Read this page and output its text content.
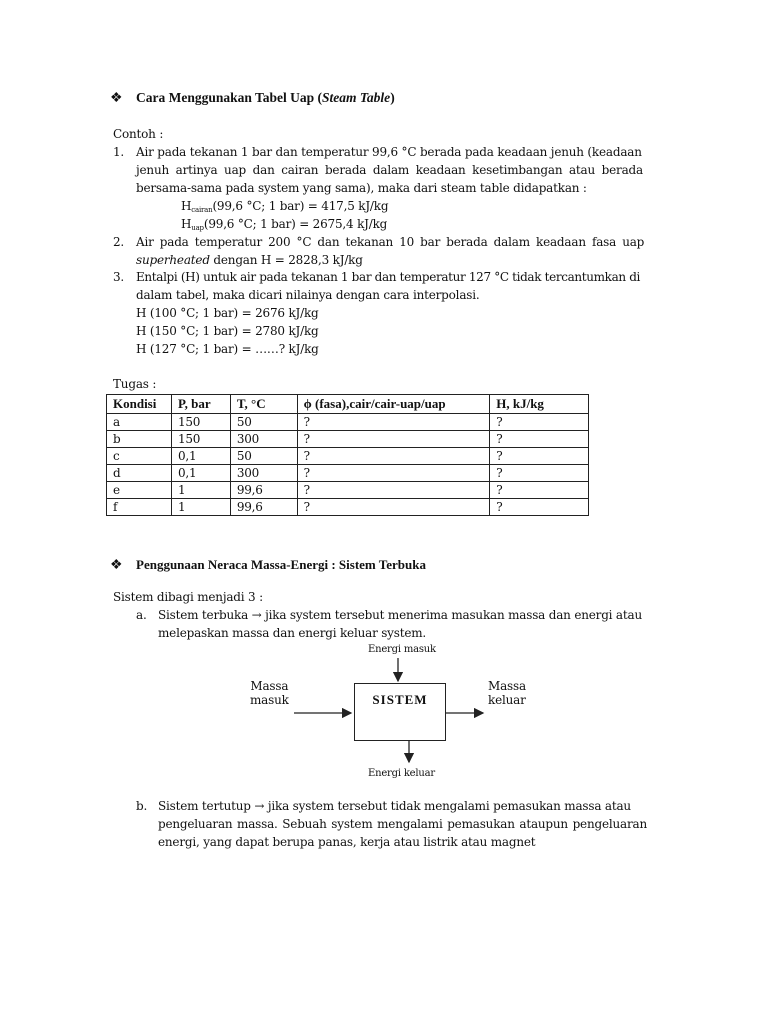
❖ Cara Menggunakan Tabel Uap (Steam Table)
Contoh :
1. Air pada tekanan 1 bar dan temperatur 99,6 °C berada pada keadaan jenuh (keadaan
jenuh artinya uap dan cairan berada dalam keadaan kesetimbangan atau berada
bersama-sama pada system yang sama), maka dari steam table didapatkan :
$H_{cairan}(99,6$ °C; 1 bar) = 417,5 kJ/kg
$H_{uap}(99,6$ °C; 1 bar) = 2675,4 kJ/kg
2. Air pada temperatur 200 °C dan tekanan 10 bar berada dalam keadaan fasa uap
superheated dengan H = 2828,3 kJ/kg
3. Entalpi (H) untuk air pada tekanan 1 bar dan temperatur 127 °C tidak tercantumkan di
dalam tabel, maka dicari nilainya dengan cara interpolasi.
H (100 °C; 1 bar) = 2676 kJ/kg
H (150 °C; 1 bar) = 2780 kJ/kg
H (127 °C; 1 bar) = ……? kJ/kg
Tugas :
Kondisi	P, bar	T, °C	ϕ (fasa),cair/cair-uap/uap	H, kJ/kg
a	150	50	?	?
b	150	300	?	?
c	0,1	50	?	?
d	0,1	300	?	?
e	1	99,6	?	?
f	1	99,6	?	?
❖ Penggunaan Neraca Massa-Energi : Sistem Terbuka
Sistem dibagi menjadi 3 :
a. Sistem terbuka → jika system tersebut menerima masukan massa dan energi atau
melepaskan massa dan energi keluar system.
Energi masuk
Massa
masuk
Massa
keluar
SISTEM
Energi keluar
b. Sistem tertutup → jika system tersebut tidak mengalami pemasukan massa atau
pengeluaran massa. Sebuah system mengalami pemasukan ataupun pengeluaran
energi, yang dapat berupa panas, kerja atau listrik atau magnet
